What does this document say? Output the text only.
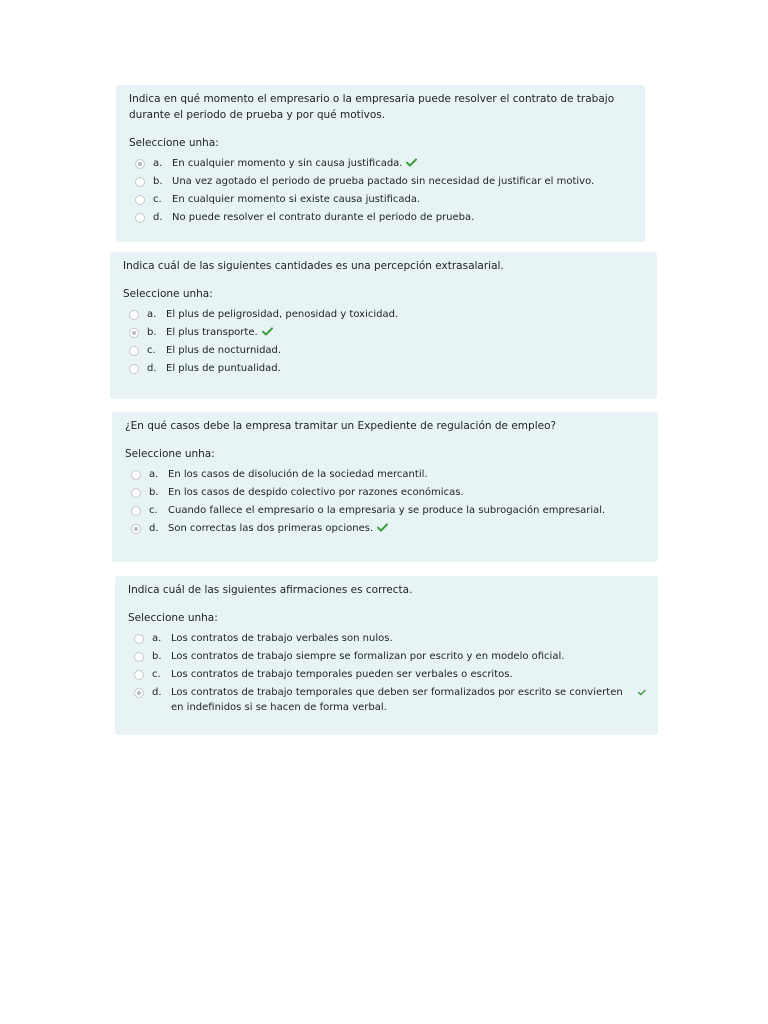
Indica en qué momento el empresario o la empresaria puede resolver el contrato de trabajo durante el periodo de prueba y por qué motivos.

Seleccione unha:

a. En cualquier momento y sin causa justificada.
b. Una vez agotado el periodo de prueba pactado sin necesidad de justificar el motivo.
c.	En cualquier momento si existe causa justificada.
d. No puede resolver el contrato durante el periodo de prueba.

Indica cuál de las siguientes cantidades es una percepción extrasalarial.

Seleccione unha:

a. El plus de peligrosidad, penosidad y toxicidad.
b. El plus transporte.
c.	El plus de nocturnidad.
d. El plus de puntualidad.

¿En qué casos debe la empresa tramitar un Expediente de regulación de empleo?

Seleccione unha:

a. En los casos de disolución de la sociedad mercantil.
b. En los casos de despido colectivo por razones económicas.
c.	Cuando fallece el empresario o la empresaria y se produce la subrogación empresarial.
d. Son correctas las dos primeras opciones.

Indica cuál de las siguientes afirmaciones es correcta.

Seleccione unha:

a. Los contratos de trabajo verbales son nulos.
b. Los contratos de trabajo siempre se formalizan por escrito y en modelo oficial.
c.	Los contratos de trabajo temporales pueden ser verbales o escritos.
d. Los contratos de trabajo temporales que deben ser formalizados por escrito se convierten en indefinidos si se hacen de forma verbal.
